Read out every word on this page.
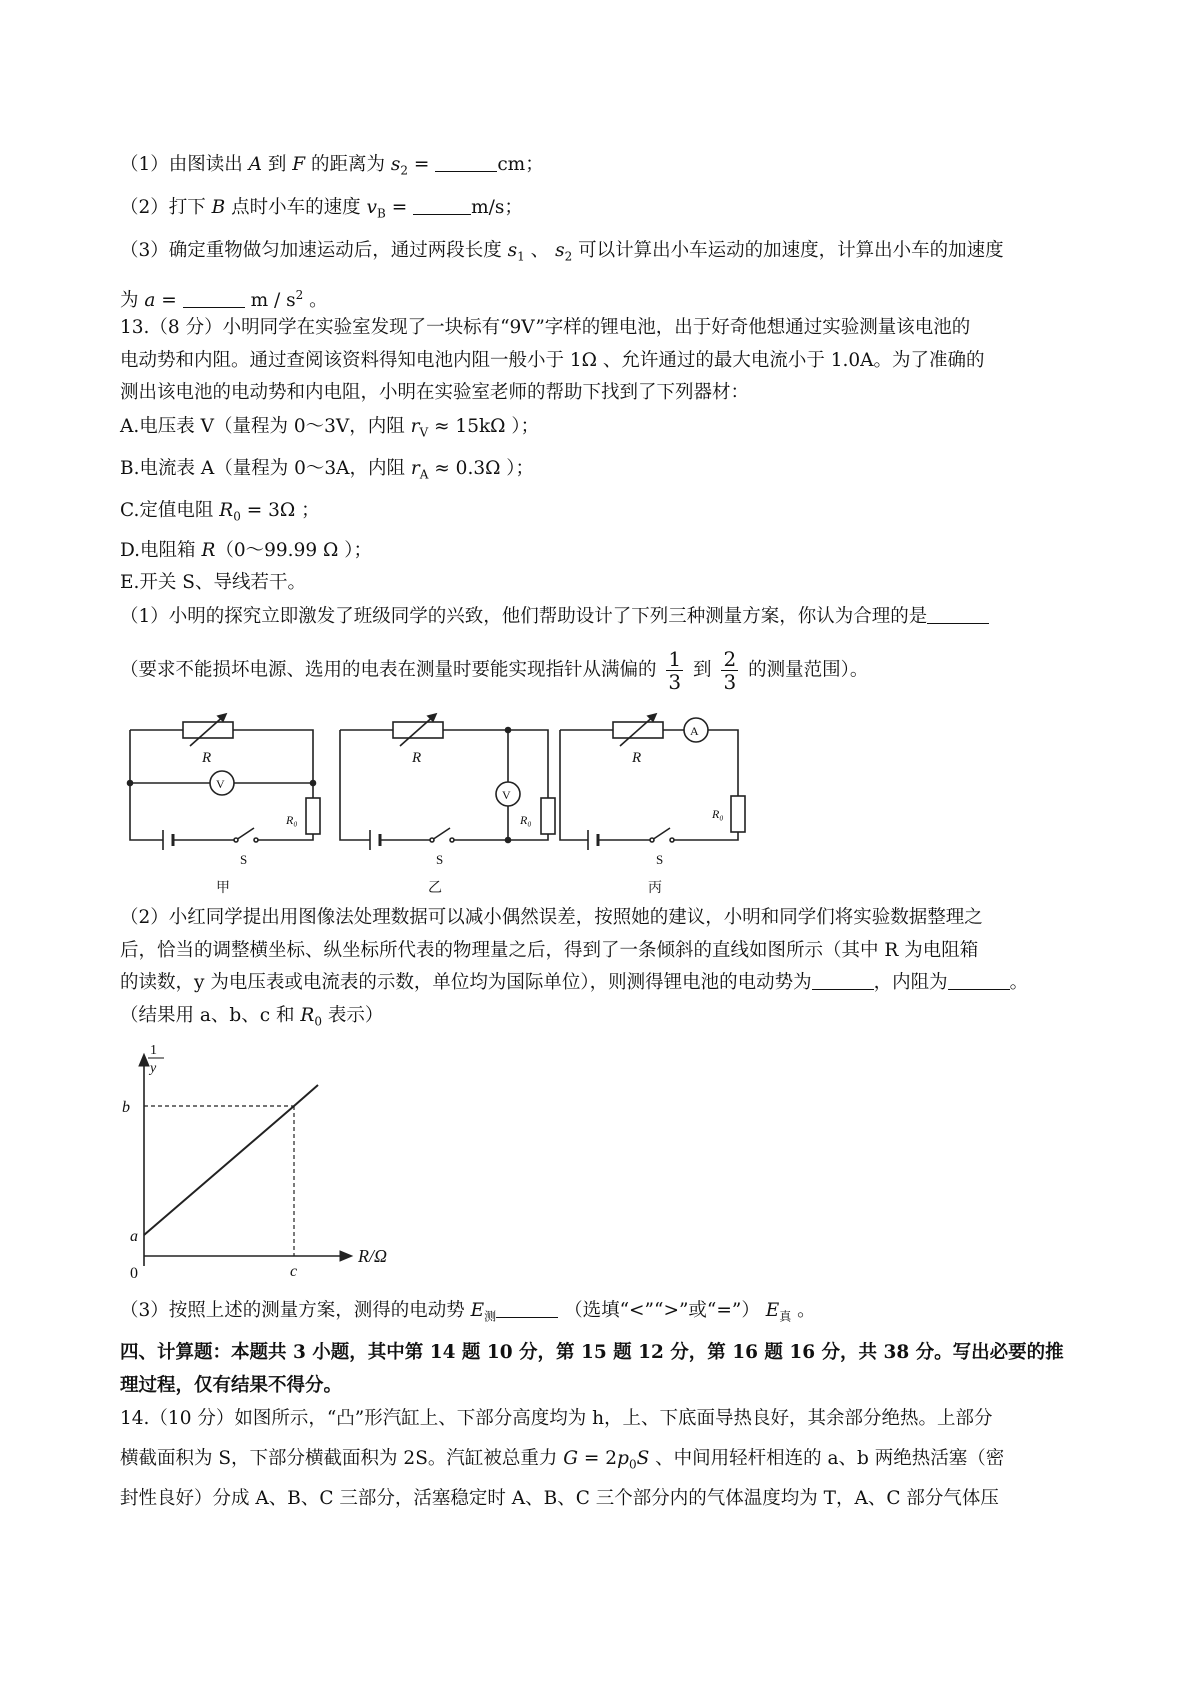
（1）由图读出 A 到 F 的距离为 $s_2$ =	cm；
（2）打下 B 点时小车的速度 $v_B$ =	m/s；
（3）确定重物做匀加速运动后，通过两段长度 $s_1$ 、 $s_2$ 可以计算出小车运动的加速度，计算出小车的加速度
为 a =	m / $s^2$ 。
13.（8 分）小明同学在实验室发现了一块标有“9V”字样的锂电池，出于好奇他想通过实验测量该电池的
电动势和内阻。通过查阅该资料得知电池内阻一般小于 1Ω 、允许通过的最大电流小于 1.0A。为了准确的
测出该电池的电动势和内电阻，小明在实验室老师的帮助下找到了下列器材：
A.电压表 V（量程为 0～3V，内阻 $r_V \approx 15k\Omega$ ）；
B.电流表 A（量程为 0～3A，内阻 $r_A \approx 0.3\Omega$ ）；
C.定值电阻 $R_0 = 3\Omega$ ；
D.电阻箱 R（0～99.99 Ω ）；
E.开关 S、导线若干。
（1）小明的探究立即激发了班级同学的兴致，他们帮助设计了下列三种测量方案，你认为合理的是
（要求不能损坏电源、选用的电表在测量时要能实现指针从满偏的 $\frac{1}{3}$ 到 $\frac{2}{3}$ 的测量范围）。
R
V
R₀
S
甲
R
V
R₀
S
乙
R
A
R₀
S
丙
（2）小红同学提出用图像法处理数据可以减小偶然误差，按照她的建议，小明和同学们将实验数据整理之
后，恰当的调整横坐标、纵坐标所代表的物理量之后，得到了一条倾斜的直线如图所示（其中 R 为电阻箱
的读数，y 为电压表或电流表的示数，单位均为国际单位），则测得锂电池的电动势为	，内阻为	。
（结果用 a、b、c 和 $R_0$ 表示）
1
y
b
a
0	c
R/Ω
（3）按照上述的测量方案，测得的电动势 $E_测$	（选填“<”“>”或“=”） $E_真$ 。
四、计算题：本题共 3 小题，其中第 14 题 10 分，第 15 题 12 分，第 16 题 16 分，共 38 分。写出必要的推
理过程，仅有结果不得分。
14.（10 分）如图所示，“凸”形汽缸上、下部分高度均为 h，上、下底面导热良好，其余部分绝热。上部分
横截面积为 S，下部分横截面积为 2S。汽缸被总重力 $G = 2p_0S$ 、中间用轻杆相连的 a、b 两绝热活塞（密
封性良好）分成 A、B、C 三部分，活塞稳定时 A、B、C 三个部分内的气体温度均为 T，A、C 部分气体压
